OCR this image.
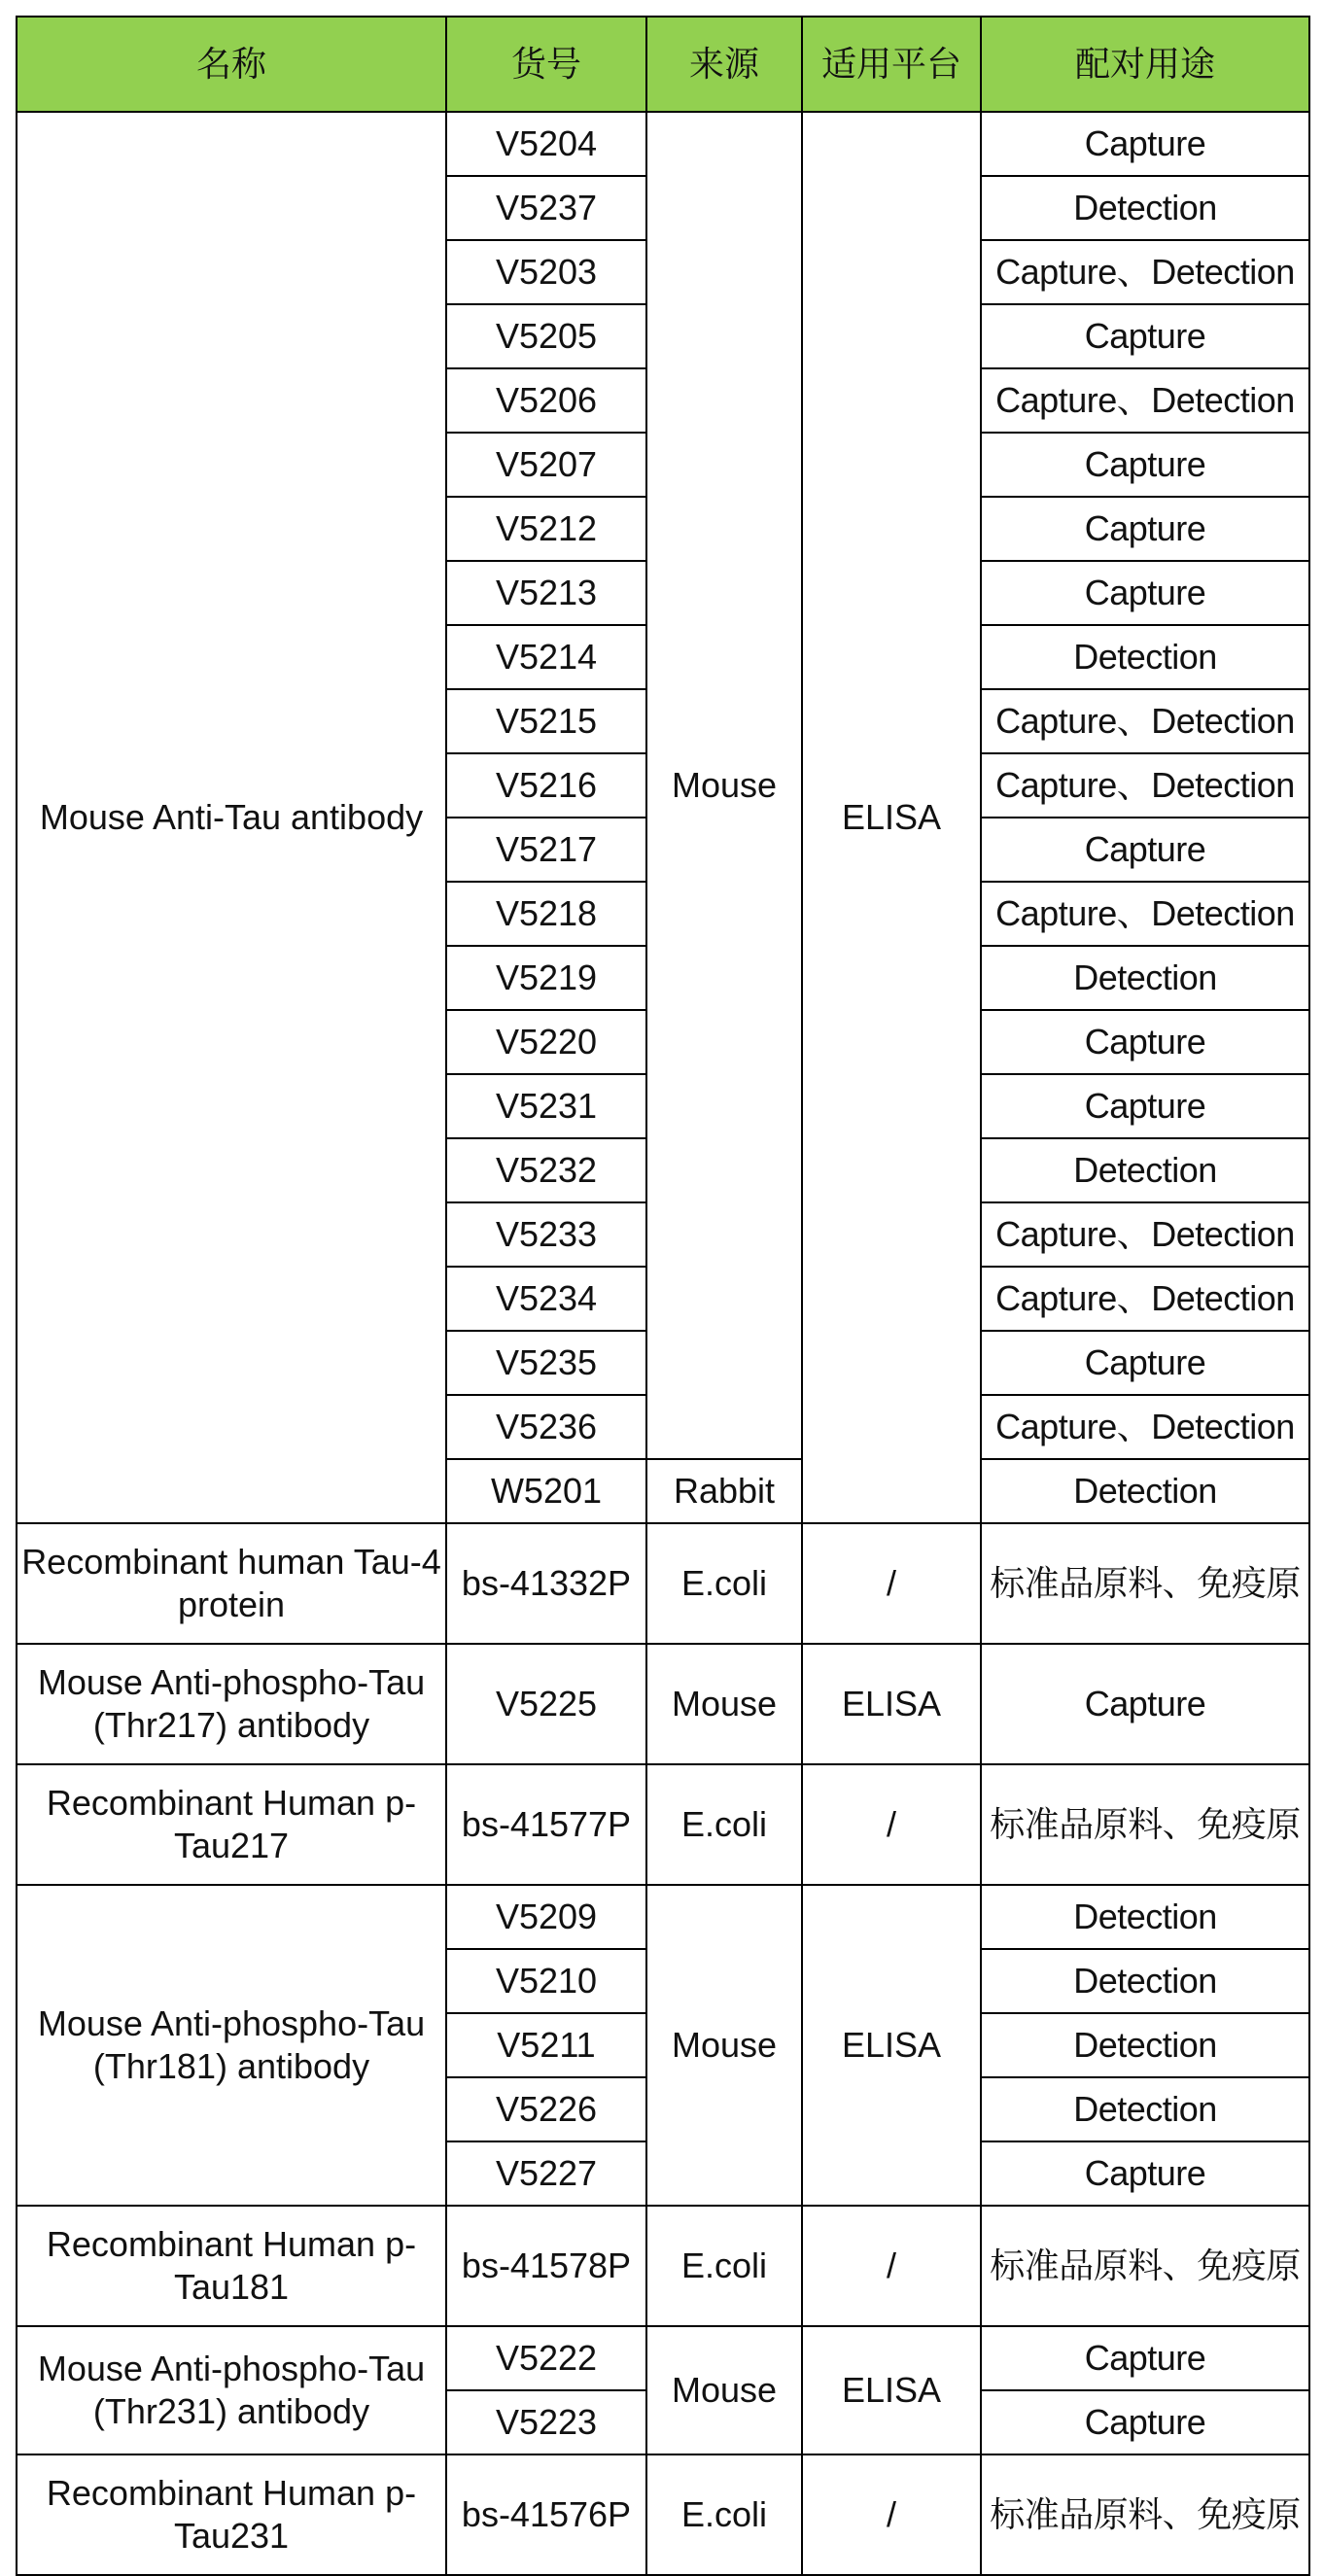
名称	货号	来源	适用平台	配对用途
Mouse Anti-Tau antibody	V5204	Mouse	ELISA	Capture
	V5237			Detection
	V5203			Capture、Detection
	V5205			Capture
	V5206			Capture、Detection
	V5207			Capture
	V5212			Capture
	V5213			Capture
	V5214			Detection
	V5215			Capture、Detection
	V5216			Capture、Detection
	V5217			Capture
	V5218			Capture、Detection
	V5219			Detection
	V5220			Capture
	V5231			Capture
	V5232			Detection
	V5233			Capture、Detection
	V5234			Capture、Detection
	V5235			Capture
	V5236			Capture、Detection
	W5201	Rabbit		Detection
Recombinant human Tau-4 protein	bs-41332P	E.coli	/	标准品原料、免疫原
Mouse Anti-phospho-Tau (Thr217) antibody	V5225	Mouse	ELISA	Capture
Recombinant Human p-Tau217	bs-41577P	E.coli	/	标准品原料、免疫原
Mouse Anti-phospho-Tau (Thr181) antibody	V5209	Mouse	ELISA	Detection
	V5210			Detection
	V5211			Detection
	V5226			Detection
	V5227			Capture
Recombinant Human p-Tau181	bs-41578P	E.coli	/	标准品原料、免疫原
Mouse Anti-phospho-Tau (Thr231) antibody	V5222	Mouse	ELISA	Capture
	V5223			Capture
Recombinant Human p-Tau231	bs-41576P	E.coli	/	标准品原料、免疫原
